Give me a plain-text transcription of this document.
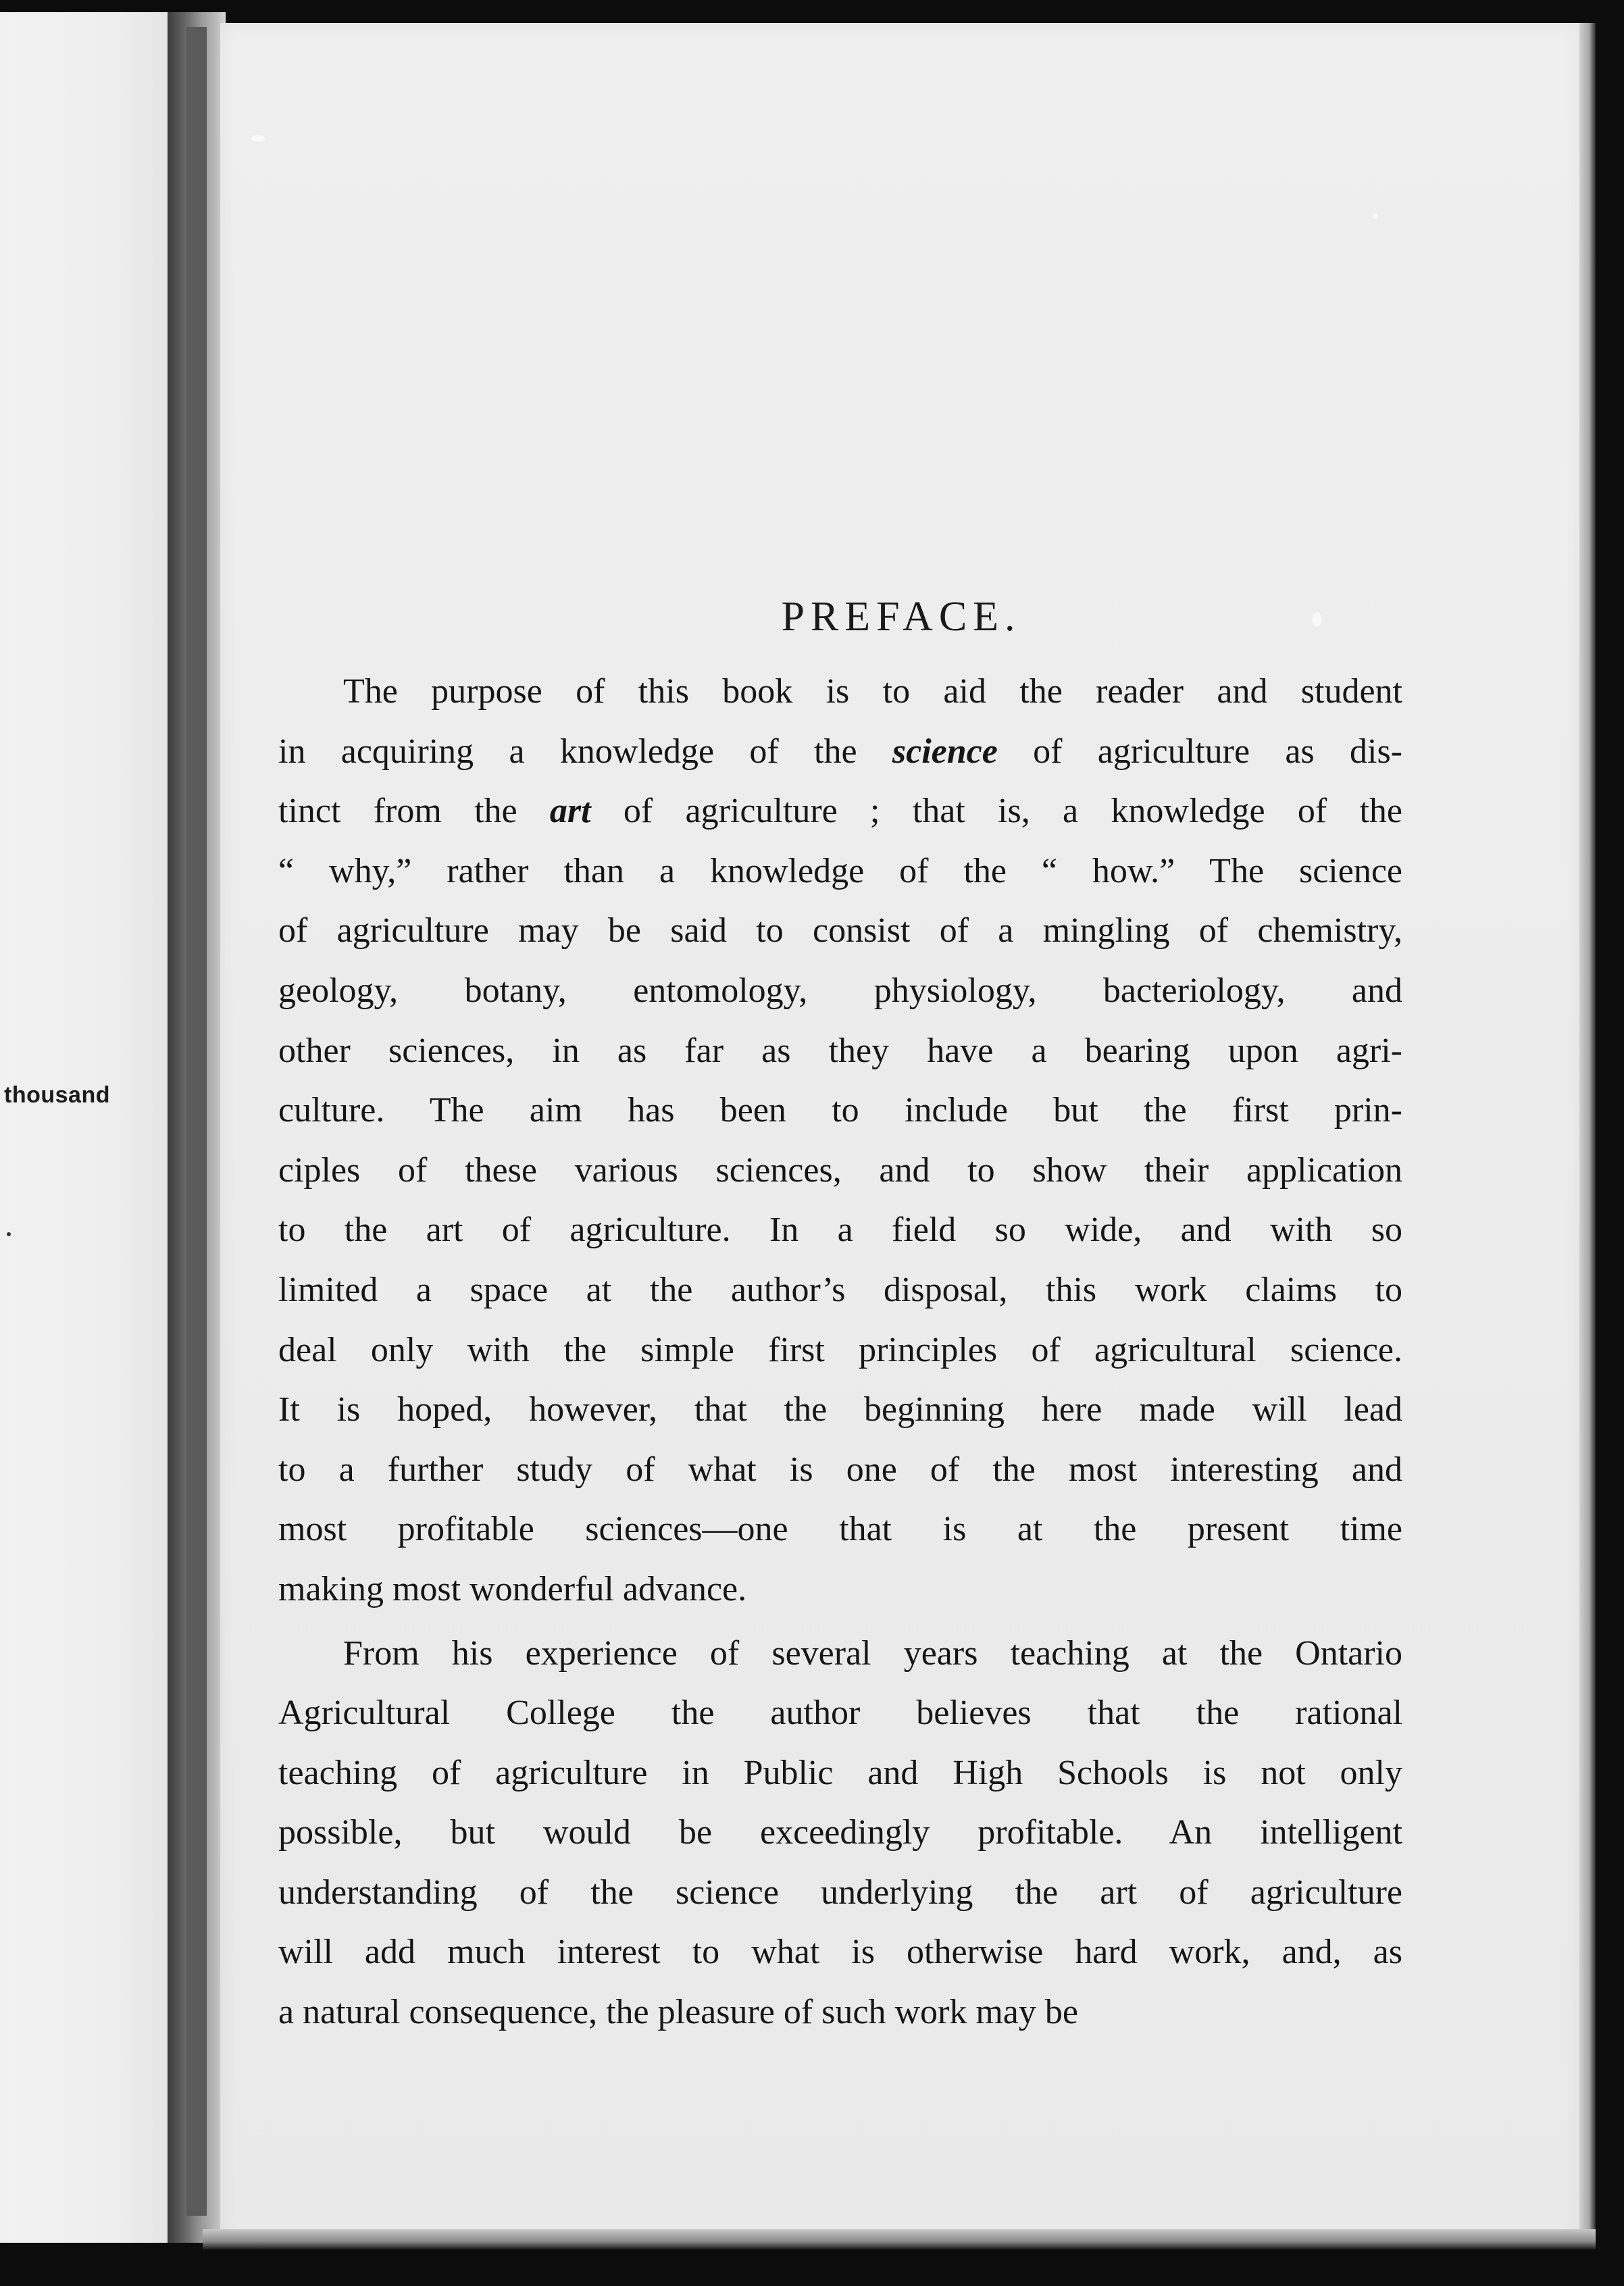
thousand
PREFACE.
The purpose of this book is to aid the reader and student
in acquiring a knowledge of the science of agriculture as dis-
tinct from the art of agriculture ; that is, a knowledge of the
“ why,” rather than a knowledge of the “ how.” The science
of agriculture may be said to consist of a mingling of chemistry,
geology, botany, entomology, physiology, bacteriology, and
other sciences, in as far as they have a bearing upon agri-
culture. The aim has been to include but the first prin-
ciples of these various sciences, and to show their application
to the art of agriculture. In a field so wide, and with so
limited a space at the author’s disposal, this work claims to
deal only with the simple first principles of agricultural science.
It is hoped, however, that the beginning here made will lead
to a further study of what is one of the most interesting and
most profitable sciences—one that is at the present time
making most wonderful advance.
From his experience of several years teaching at the Ontario
Agricultural College the author believes that the rational
teaching of agriculture in Public and High Schools is not only
possible, but would be exceedingly profitable. An intelligent
understanding of the science underlying the art of agriculture
will add much interest to what is otherwise hard work, and, as
a natural consequence, the pleasure of such work may be
